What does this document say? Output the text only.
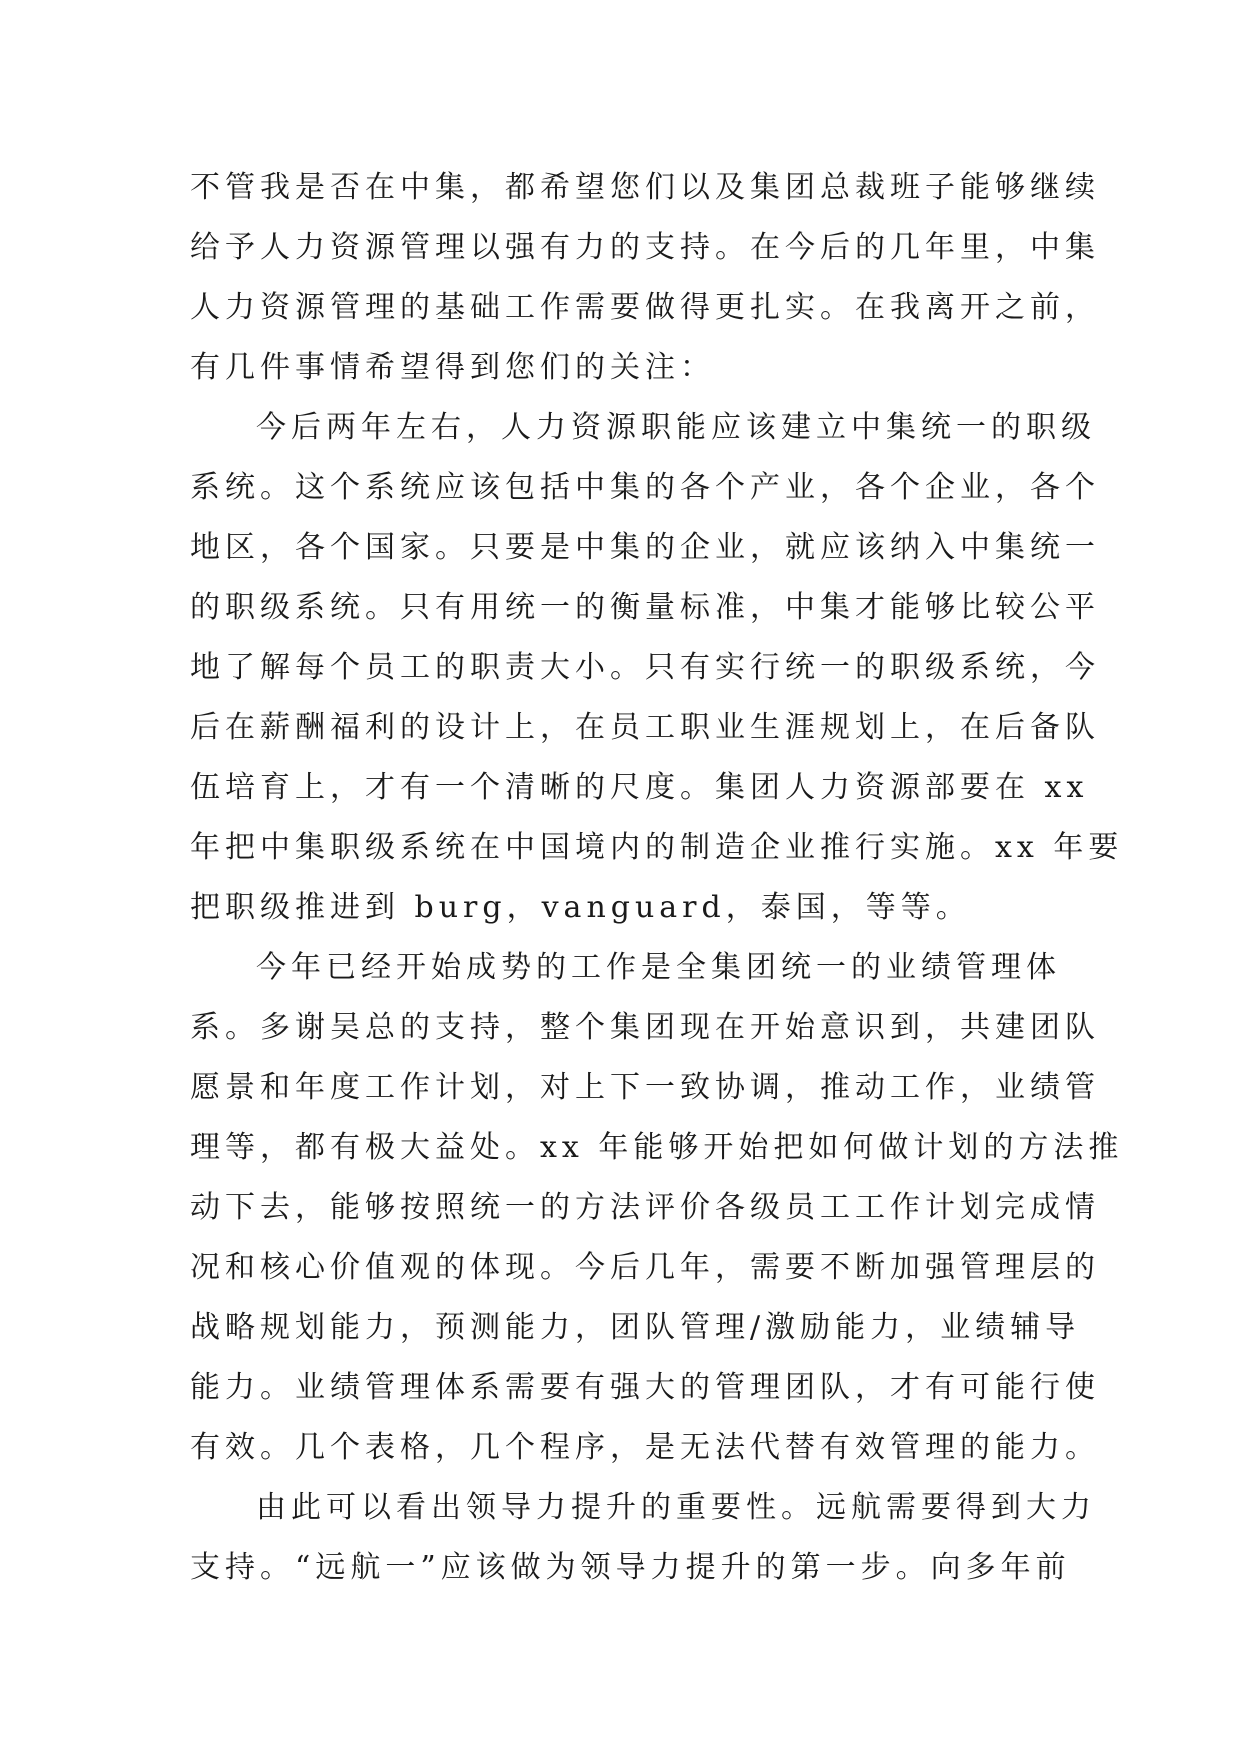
不管我是否在中集，都希望您们以及集团总裁班子能够继续
给予人力资源管理以强有力的支持。在今后的几年里，中集
人力资源管理的基础工作需要做得更扎实。在我离开之前，
有几件事情希望得到您们的关注：
今后两年左右，人力资源职能应该建立中集统一的职级
系统。这个系统应该包括中集的各个产业，各个企业，各个
地区，各个国家。只要是中集的企业，就应该纳入中集统一
的职级系统。只有用统一的衡量标准，中集才能够比较公平
地了解每个员工的职责大小。只有实行统一的职级系统，今
后在薪酬福利的设计上，在员工职业生涯规划上，在后备队
伍培育上，才有一个清晰的尺度。集团人力资源部要在 xx
年把中集职级系统在中国境内的制造企业推行实施。xx 年要
把职级推进到 burg，vanguard，泰国，等等。
今年已经开始成势的工作是全集团统一的业绩管理体
系。多谢吴总的支持，整个集团现在开始意识到，共建团队
愿景和年度工作计划，对上下一致协调，推动工作，业绩管
理等，都有极大益处。xx 年能够开始把如何做计划的方法推
动下去，能够按照统一的方法评价各级员工工作计划完成情
况和核心价值观的体现。今后几年，需要不断加强管理层的
战略规划能力，预测能力，团队管理/激励能力，业绩辅导
能力。业绩管理体系需要有强大的管理团队，才有可能行使
有效。几个表格，几个程序，是无法代替有效管理的能力。
由此可以看出领导力提升的重要性。远航需要得到大力
支持。“远航一”应该做为领导力提升的第一步。向多年前
